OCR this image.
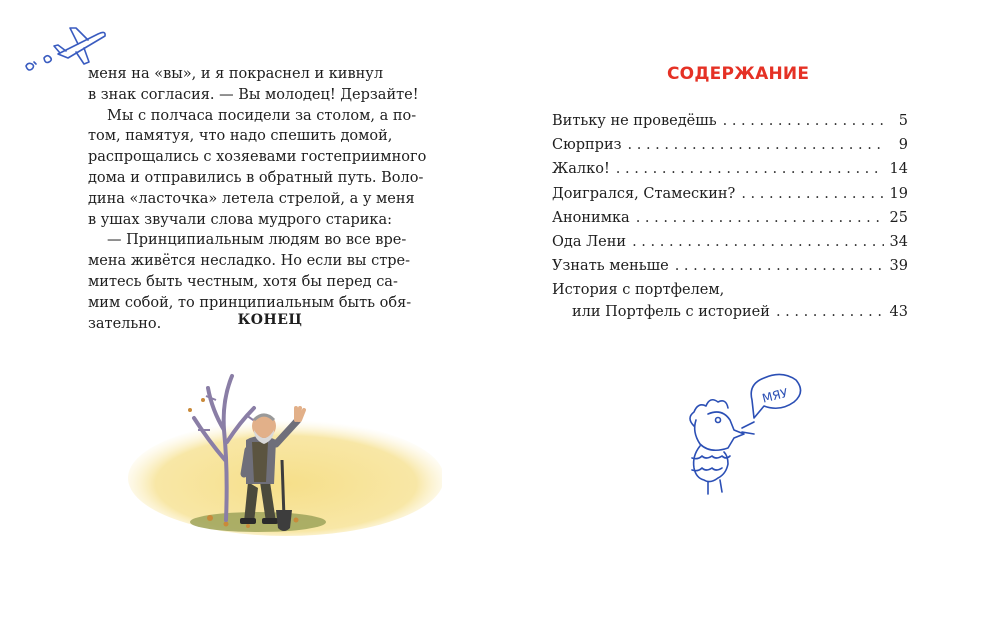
меня на «вы», и я покраснел и кивнул

в знак согласия. — Вы молодец! Дерзайте!

Мы с полчаса посидели за столом, а по-

том, памятуя, что надо спешить домой,

распрощались с хозяевами гостеприимного

дома и отправились в обратный путь. Воло-

дина «ласточка» летела стрелой, а у меня

в ушах звучали слова мудрого старика:

— Принципиальным людям во все вре-

мена живётся несладко. Но если вы стре-

митесь быть честным, хотя бы перед са-

мим собой, то принципиальным быть обя-

зательно.	КОНЕЦ
СОДЕРЖАНИЕ
Витьку не проведёшь . . .	5
Сюрприз . . .	9
Жалко! . . .	14
Доигрался, Стамескин? . . .	19
Анонимка . . .	25
Ода Лени . . .	34
Узнать меньше . . .	39
История с портфелем,
или Портфель с историей . . .	43
МЯУ
